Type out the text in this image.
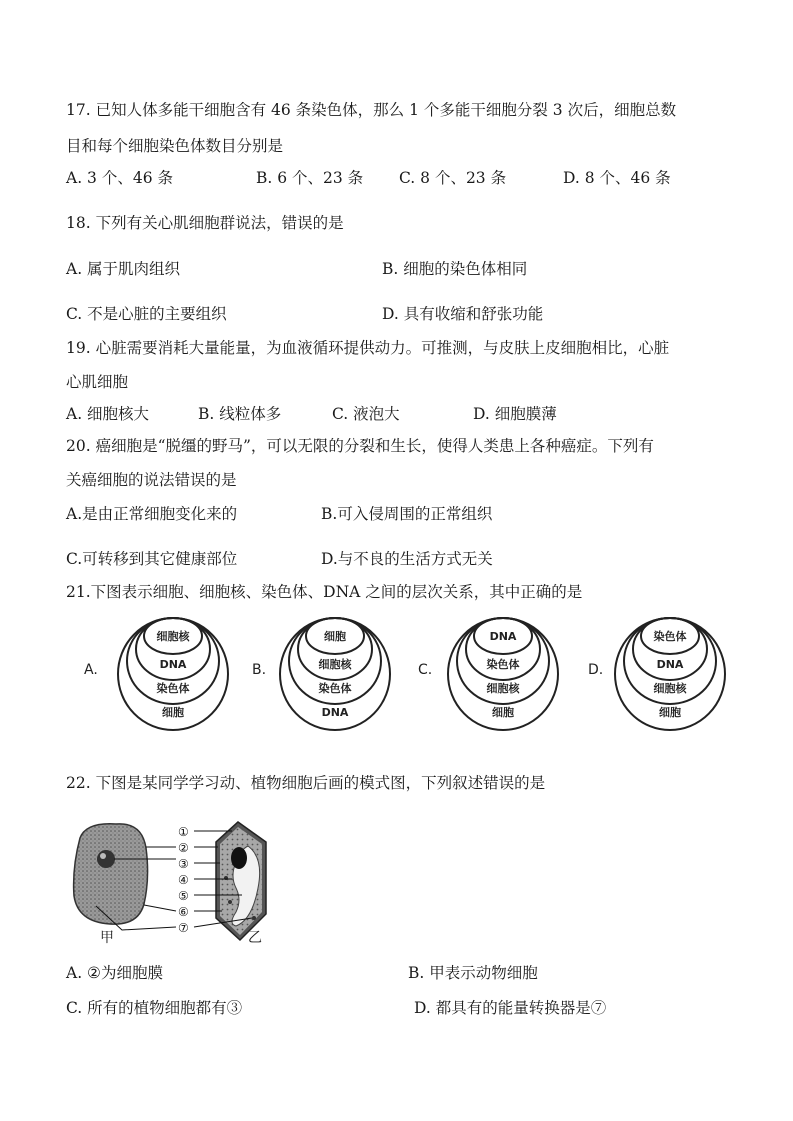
17. 已知人体多能干细胞含有 46 条染色体，那么 1 个多能干细胞分裂 3 次后，细胞总数
目和每个细胞染色体数目分别是
A. 3 个、46 条	B. 6 个、23 条 C. 8 个、23 条	D. 8 个、46 条
18. 下列有关心肌细胞群说法，错误的是
A. 属于肌肉组织	B. 细胞的染色体相同
C. 不是心脏的主要组织	D. 具有收缩和舒张功能
19. 心脏需要消耗大量能量，为血液循环提供动力。可推测，与皮肤上皮细胞相比，心脏
心肌细胞
A. 细胞核大	B. 线粒体多	C. 液泡大	D. 细胞膜薄
20. 癌细胞是“脱缰的野马”，可以无限的分裂和生长，使得人类患上各种癌症。下列有
关癌细胞的说法错误的是
A.是由正常细胞变化来的	B.可入侵周围的正常组织
C.可转移到其它健康部位	D.与不良的生活方式无关
21.下图表示细胞、细胞核、染色体、DNA 之间的层次关系，其中正确的是
A.
细胞核
DNA
染色体
细胞
B.
细胞
细胞核
染色体
DNA
C.
DNA
染色体
细胞核
细胞
D.
染色体
DNA
细胞核
细胞
22. 下图是某同学学习动、植物细胞后画的模式图，下列叙述错误的是
①
②
③
④
⑤
⑥
⑦
甲	乙
A. ②为细胞膜	B. 甲表示动物细胞
C. 所有的植物细胞都有③	D. 都具有的能量转换器是⑦
